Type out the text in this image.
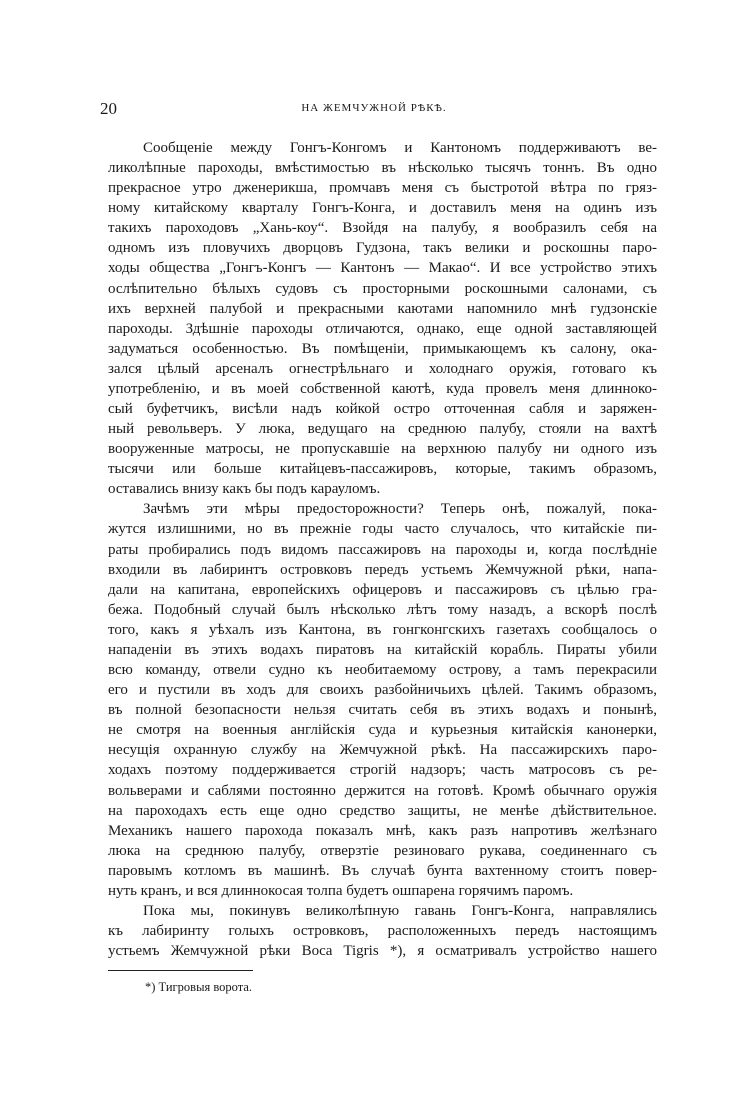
20	НА ЖЕМЧУЖНОЙ РѢКѢ.
Сообщеніе между Гонгъ-Конгомъ и Кантономъ поддерживаютъ ве-
ликолѣпные пароходы, вмѣстимостью въ нѣсколько тысячъ тоннъ. Въ одно
прекрасное утро дженерикша, промчавъ меня съ быстротой вѣтра по гряз-
ному китайскому кварталу Гонгъ-Конга, и доставилъ меня на одинъ изъ
такихъ пароходовъ „Хань-коу“. Взойдя на палубу, я вообразилъ себя на
одномъ изъ пловучихъ дворцовъ Гудзона, такъ велики и роскошны паро-
ходы общества „Гонгъ-Конгъ — Кантонъ — Макао“. И все устройство этихъ
ослѣпительно бѣлыхъ судовъ съ просторными роскошными салонами, съ
ихъ верхней палубой и прекрасными каютами напомнило мнѣ гудзонскіе
пароходы. Здѣшніе пароходы отличаются, однако, еще одной заставляющей
задуматься особенностью. Въ помѣщеніи, примыкающемъ къ салону, ока-
зался цѣлый арсеналъ огнестрѣльнаго и холоднаго оружія, готоваго къ
употребленію, и въ моей собственной каютѣ, куда провелъ меня длиннoко-
сый буфетчикъ, висѣли надъ койкой остро отточенная сабля и заряжен-
ный револьверъ. У люка, ведущаго на среднюю палубу, стояли на вахтѣ
вооруженные матросы, не пропускавшіе на верхнюю палубу ни одного изъ
тысячи или больше китайцевъ-пассажировъ, которые, такимъ образомъ,
оставались внизу какъ бы подъ карауломъ.
Зачѣмъ эти мѣры предосторожности? Теперь онѣ, пожалуй, пока-
жутся излишними, но въ прежніе годы часто случалось, что китайскіе пи-
раты пробирались подъ видомъ пассажировъ на пароходы и, когда послѣдніе
входили въ лабиринтъ островковъ передъ устьемъ Жемчужной рѣки, напа-
дали на капитана, европейскихъ офицеровъ и пассажировъ съ цѣлью гра-
бежа. Подобный случай былъ нѣсколько лѣтъ тому назадъ, а вскорѣ послѣ
того, какъ я уѣхалъ изъ Кантона, въ гонгконгскихъ газетахъ сообщалось о
нападеніи въ этихъ водахъ пиратовъ на китайскій корабль. Пираты убили
всю команду, отвели судно къ необитаемому острову, а тамъ перекрасили
его и пустили въ ходъ для своихъ разбойничьихъ цѣлей. Такимъ образомъ,
въ полной безопасности нельзя считать себя въ этихъ водахъ и понынѣ,
не смотря на военныя англійскія суда и курьезныя китайскія канонерки,
несущія охранную службу на Жемчужной рѣкѣ. На пассажирскихъ паро-
ходахъ поэтому поддерживается строгій надзоръ; часть матросовъ съ ре-
вольверами и саблями постоянно держится на готовѣ. Кромѣ обычнаго оружія
на пароходахъ есть еще одно средство защиты, не менѣе дѣйствительное.
Механикъ нашего парохода показалъ мнѣ, какъ разъ напротивъ желѣзнаго
люка на среднюю палубу, отверзтіе резиноваго рукава, соединеннаго съ
паровымъ котломъ въ машинѣ. Въ случаѣ бунта вахтенному стоитъ повер-
нуть кранъ, и вся длиннокосая толпа будетъ ошпарена горячимъ паромъ.
Пока мы, покинувъ великолѣпную гавань Гонгъ-Конга, направлялись
къ лабиринту голыхъ островковъ, расположенныхъ передъ настоящимъ
устьемъ Жемчужной рѣки Boca Tigris *), я осматривалъ устройство нашего
*) Тигровыя ворота.
